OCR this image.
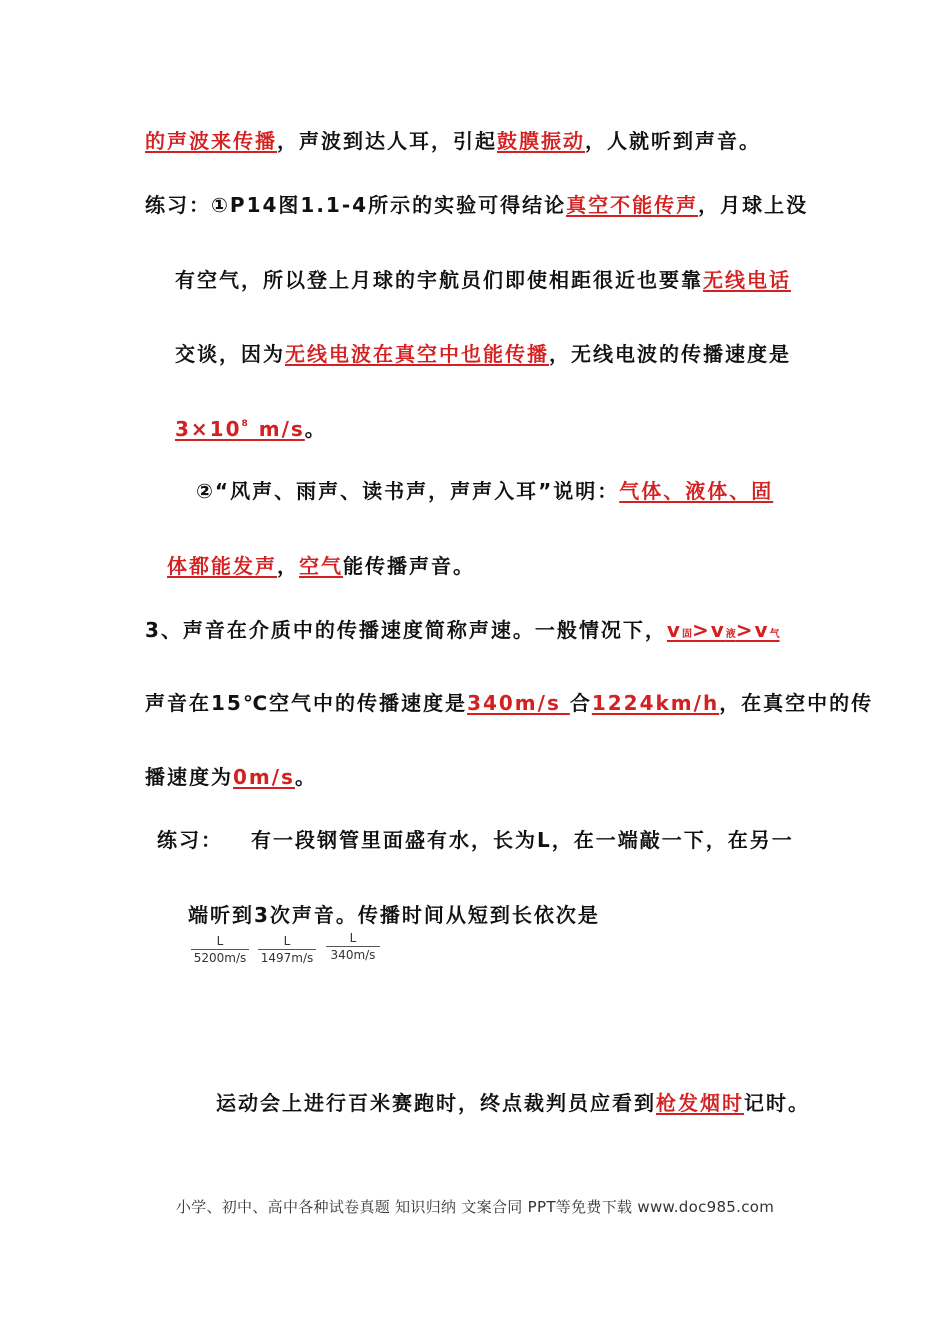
的声波来传播，声波到达人耳，引起鼓膜振动，人就听到声音。
练习：①P14图1.1-4所示的实验可得结论真空不能传声，月球上没
有空气，所以登上月球的宇航员们即使相距很近也要靠无线电话
交谈，因为无线电波在真空中也能传播，无线电波的传播速度是
$3\times 10^8$ m/s。
②“风声、雨声、读书声，声声入耳”说明：气体、液体、固
体都能发声，空气能传播声音。
3、声音在介质中的传播速度简称声速。一般情况下，v固>v液>v气
声音在15℃空气中的传播速度是340m/s 合1224km/h，在真空中的传
播速度为0m/s。
练习： 有一段钢管里面盛有水，长为L，在一端敲一下，在另一
端听到3次声音。传播时间从短到长依次是
$\frac{L}{5200m/s} \frac{L}{1497m/s} \frac{L}{340m/s}$
运动会上进行百米赛跑时，终点裁判员应看到枪发烟时记时。
小学、初中、高中各种试卷真题 知识归纳 文案合同 PPT等免费下载 www.doc985.com
